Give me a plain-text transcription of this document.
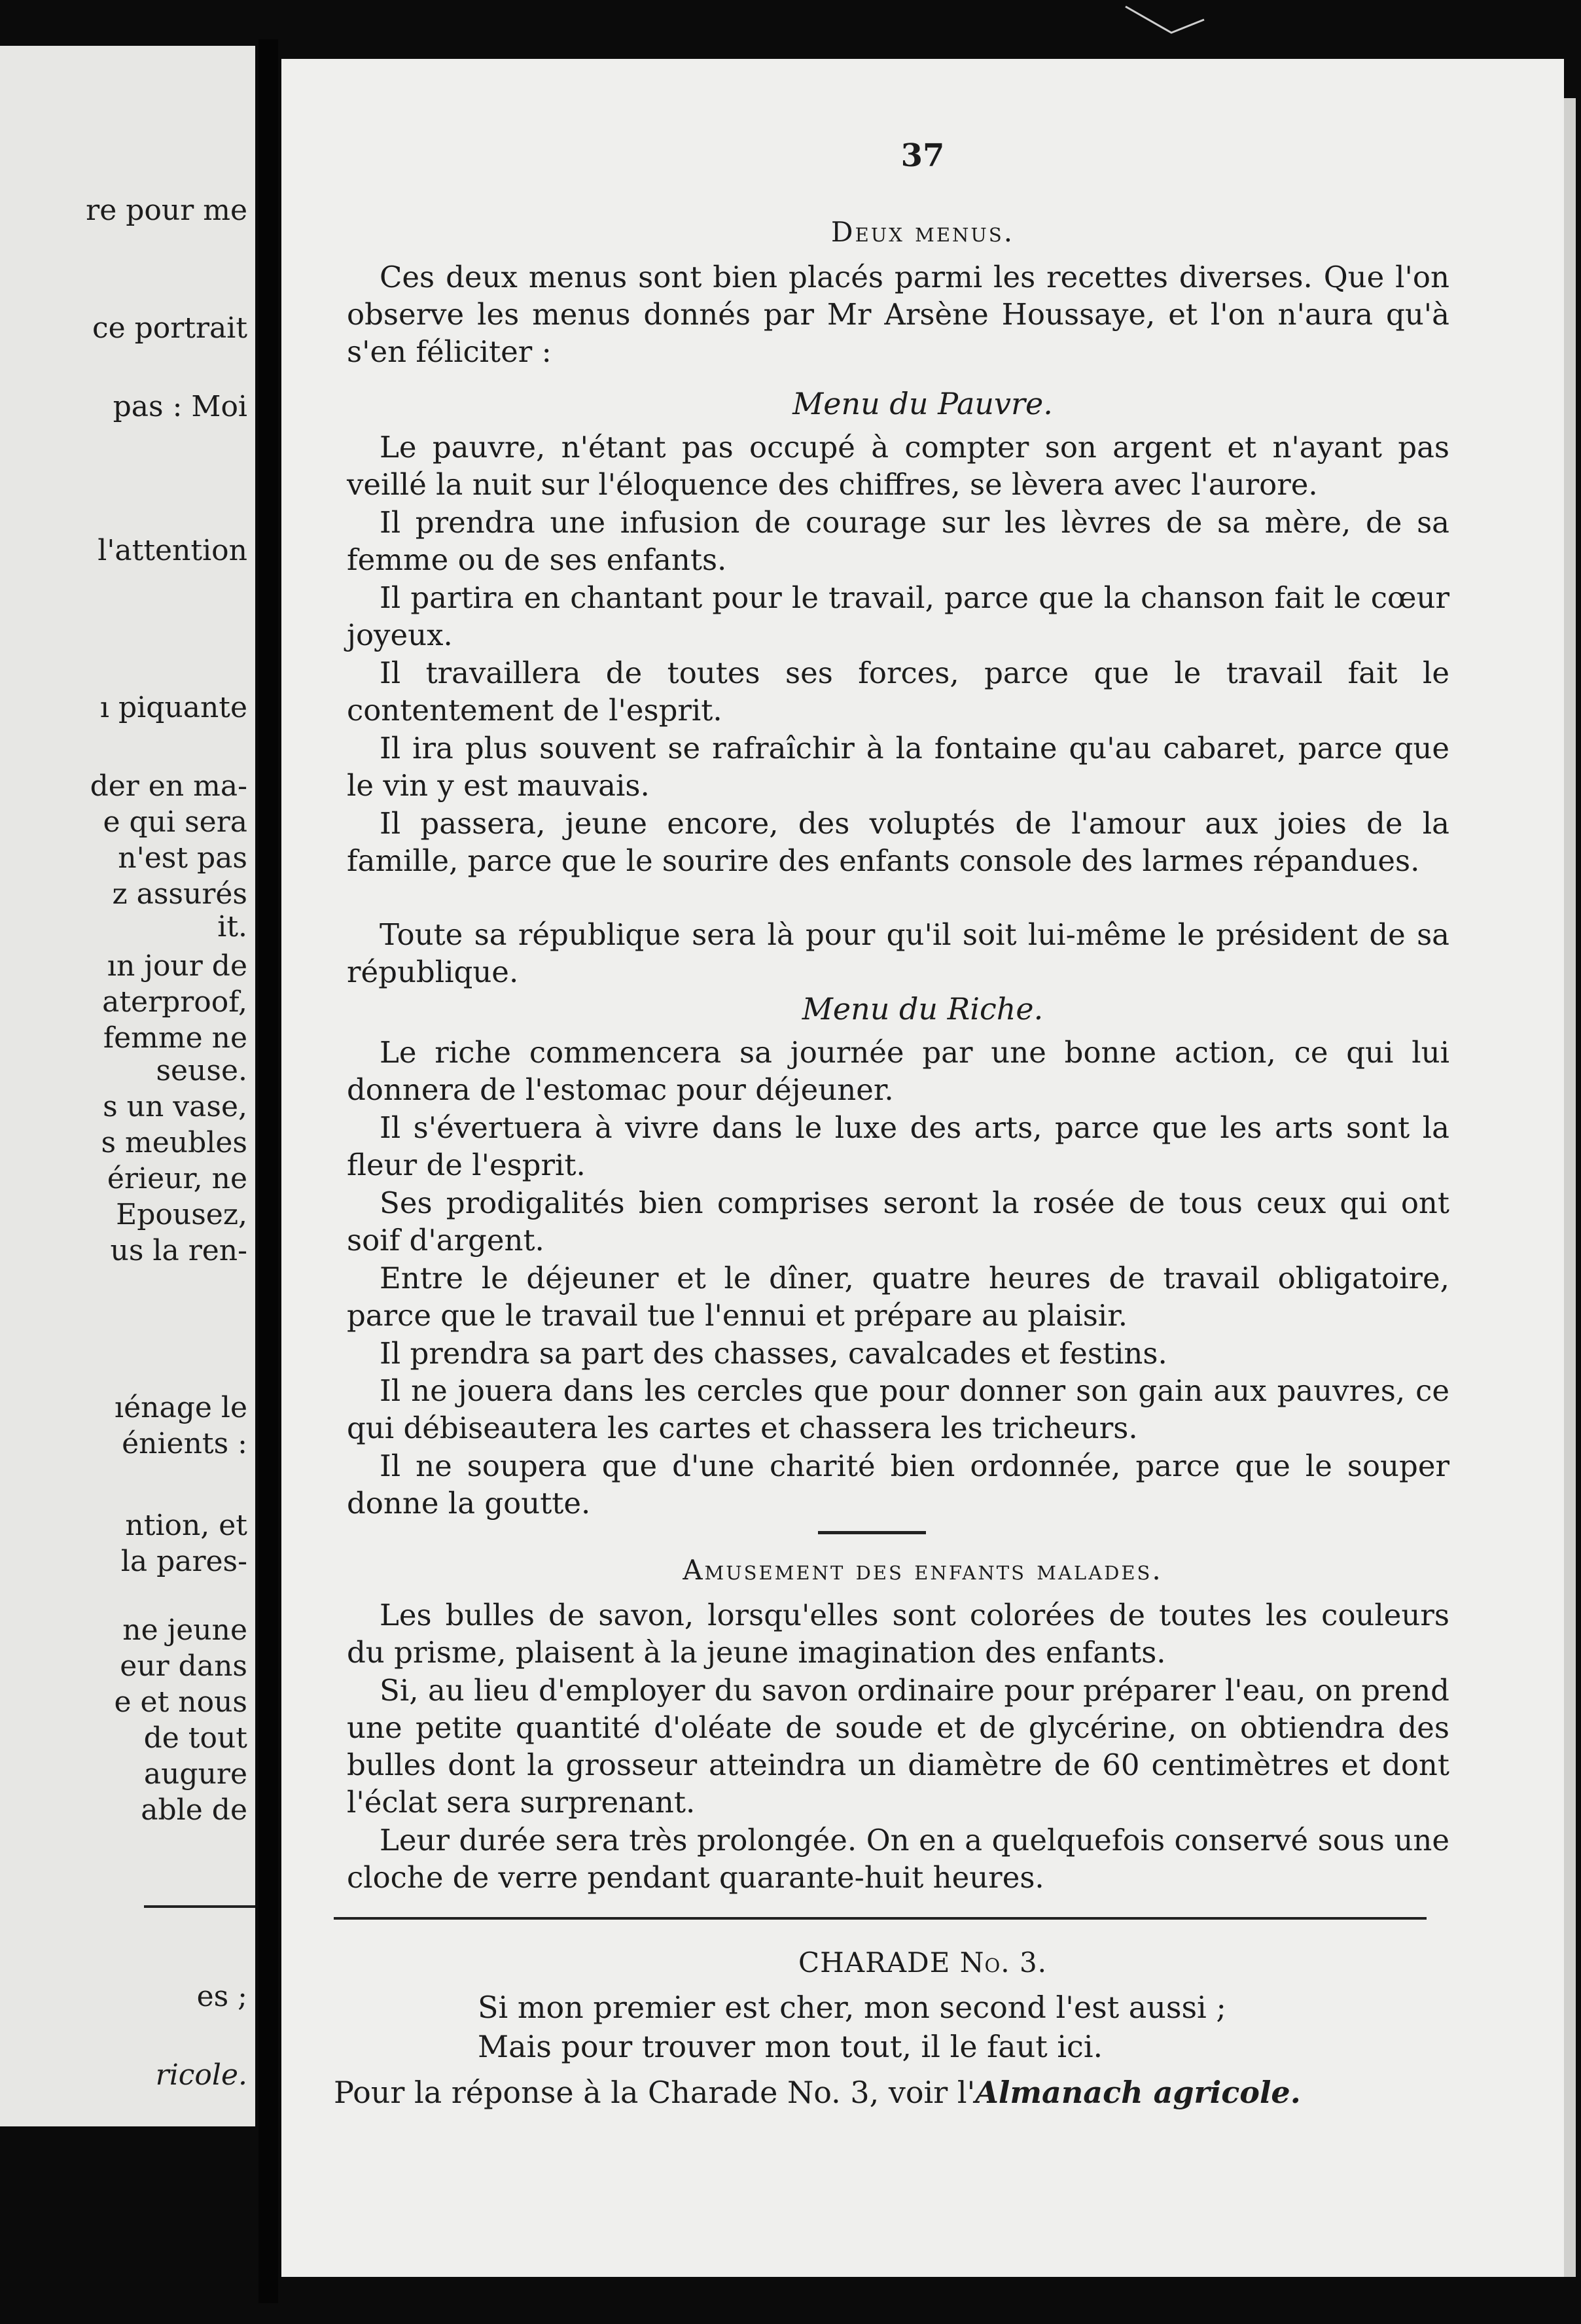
re pour me
ce portrait
pas : Moi
l'attention
ı piquante
der en ma-
e qui sera
n'est pas
z assurés
it.
ın jour de
aterproof,
femme ne
seuse.
s un vase,
s meubles
érieur, ne
Epousez,
us la ren-
ıénage le
énients :
ntion, et
la pares-
ne jeune
eur dans
e et nous
de tout
augure
able de
es ;
ricole.
37
Deux menus.
Ces deux menus sont bien placés parmi les recettes diverses. Que l'on observe les menus donnés par Mr Arsène Houssaye, et l'on n'aura qu'à s'en féliciter :
Menu du Pauvre.
Le pauvre, n'étant pas occupé à compter son argent et n'ayant pas veillé la nuit sur l'éloquence des chiffres, se lèvera avec l'aurore.
Il prendra une infusion de courage sur les lèvres de sa mère, de sa femme ou de ses enfants.
Il partira en chantant pour le travail, parce que la chanson fait le cœur joyeux.
Il travaillera de toutes ses forces, parce que le travail fait le contentement de l'esprit.
Il ira plus souvent se rafraîchir à la fontaine qu'au cabaret, parce que le vin y est mauvais.
Il passera, jeune encore, des voluptés de l'amour aux joies de la famille, parce que le sourire des enfants console des larmes répandues.
Toute sa république sera là pour qu'il soit lui-même le président de sa république.
Menu du Riche.
Le riche commencera sa journée par une bonne action, ce qui lui donnera de l'estomac pour déjeuner.
Il s'évertuera à vivre dans le luxe des arts, parce que les arts sont la fleur de l'esprit.
Ses prodigalités bien comprises seront la rosée de tous ceux qui ont soif d'argent.
Entre le déjeuner et le dîner, quatre heures de travail obligatoire, parce que le travail tue l'ennui et prépare au plaisir.
Il prendra sa part des chasses, cavalcades et festins.
Il ne jouera dans les cercles que pour donner son gain aux pauvres, ce qui débiseautera les cartes et chassera les tricheurs.
Il ne soupera que d'une charité bien ordonnée, parce que le souper donne la goutte.
Amusement des enfants malades.
Les bulles de savon, lorsqu'elles sont colorées de toutes les couleurs du prisme, plaisent à la jeune imagination des enfants.
Si, au lieu d'employer du savon ordinaire pour préparer l'eau, on prend une petite quantité d'oléate de soude et de glycérine, on obtiendra des bulles dont la grosseur atteindra un diamètre de 60 centimètres et dont l'éclat sera surprenant.
Leur durée sera très prolongée. On en a quelquefois conservé sous une cloche de verre pendant quarante-huit heures.
CHARADE No. 3.
Si mon premier est cher, mon second l'est aussi ;
Mais pour trouver mon tout, il le faut ici.
Pour la réponse à la Charade No. 3, voir l'Almanach agricole.
